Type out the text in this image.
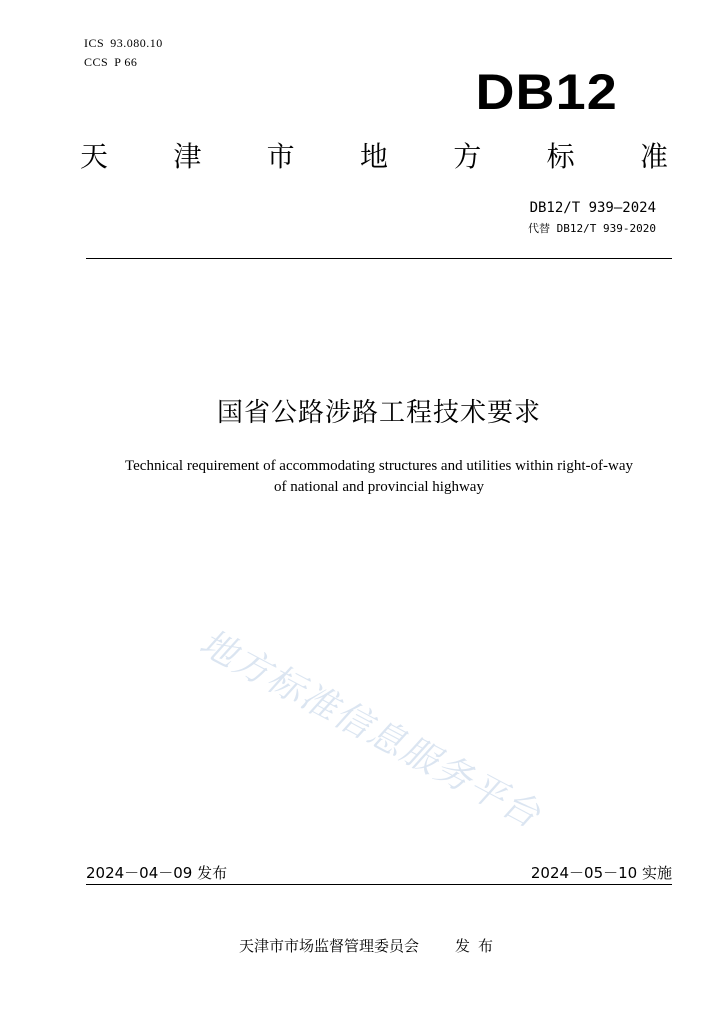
ICS 93.080.10
CCS P 66
DB12
天 津 市 地 方 标 准
DB12/T 939—2024
代替 DB12/T 939-2020
国省公路涉路工程技术要求
Technical requirement of accommodating structures and utilities within right-of-way
of national and provincial highway
地方标准信息服务平台
2024－04－09 发布	2024－05－10 实施
天津市市场监督管理委员会 发布
